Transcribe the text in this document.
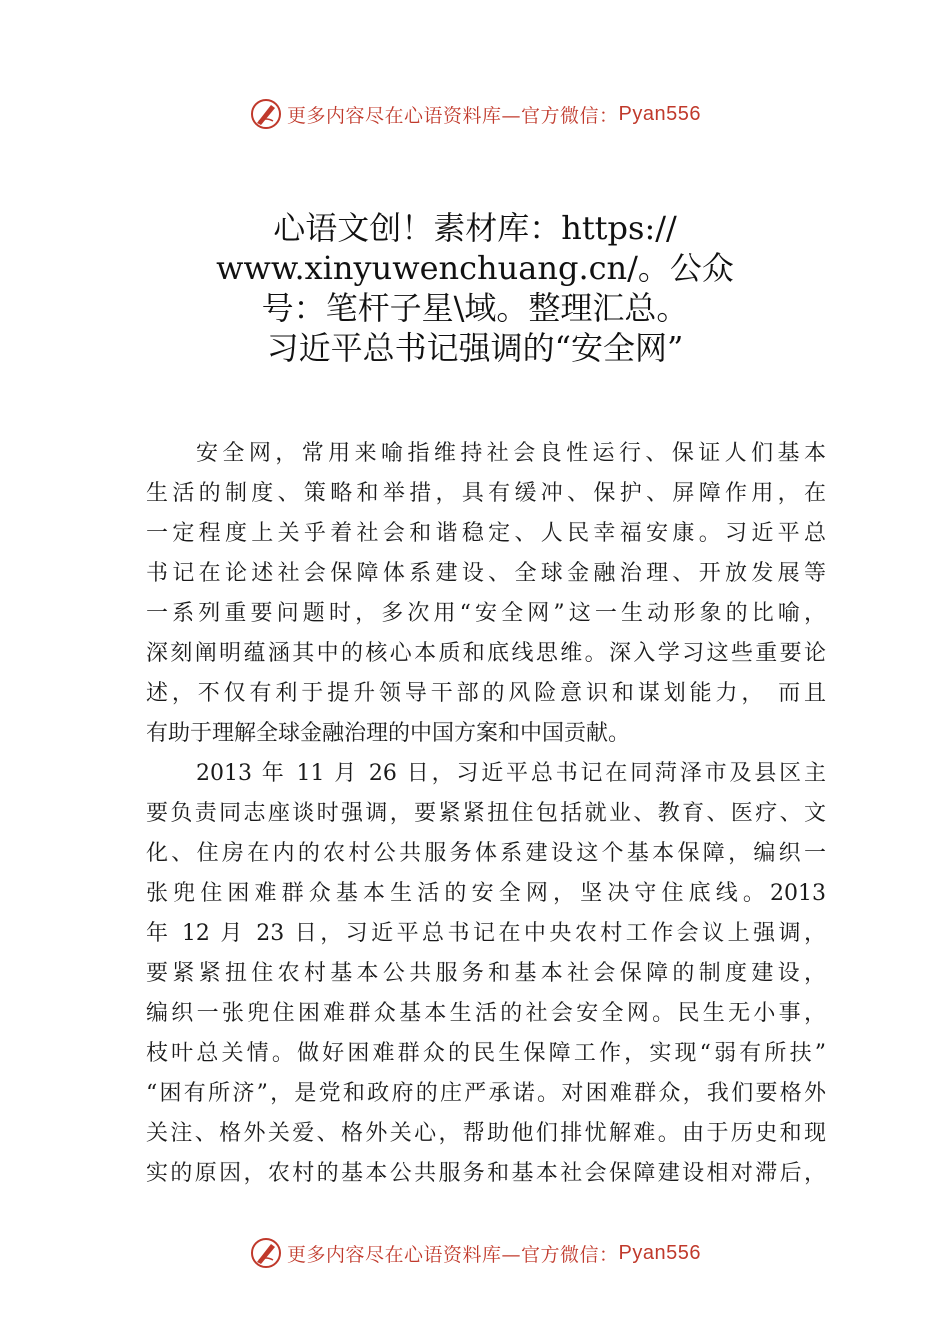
更多内容尽在心语资料库—官方微信： Pyan556
心语文创！素材库：https://
www.xinyuwenchuang.cn/。公众
号：笔杆子星\域。整理汇总。
习近平总书记强调的“安全网”
安全网，常用来喻指维持社会良性运行、保证人们基本
生活的制度、策略和举措，具有缓冲、保护、屏障作用，在
一定程度上关乎着社会和谐稳定、人民幸福安康。习近平总
书记在论述社会保障体系建设、全球金融治理、开放发展等
一系列重要问题时，多次用“安全网”这一生动形象的比喻，
深刻阐明蕴涵其中的核心本质和底线思维。深入学习这些重要论
述，不仅有利于提升领导干部的风险意识和谋划能力， 而且
有助于理解全球金融治理的中国方案和中国贡献。
2013 年 11 月 26 日，习近平总书记在同菏泽市及县区主
要负责同志座谈时强调，要紧紧扭住包括就业、教育、医疗、文
化、住房在内的农村公共服务体系建设这个基本保障，编织一
张兜住困难群众基本生活的安全网，坚决守住底线。2013
年 12 月 23 日，习近平总书记在中央农村工作会议上强调，
要紧紧扭住农村基本公共服务和基本社会保障的制度建设，
编织一张兜住困难群众基本生活的社会安全网。民生无小事，
枝叶总关情。做好困难群众的民生保障工作，实现“弱有所扶”
“困有所济”，是党和政府的庄严承诺。对困难群众，我们要格外
关注、格外关爱、格外关心，帮助他们排忧解难。由于历史和现
实的原因，农村的基本公共服务和基本社会保障建设相对滞后，
更多内容尽在心语资料库—官方微信： Pyan556
